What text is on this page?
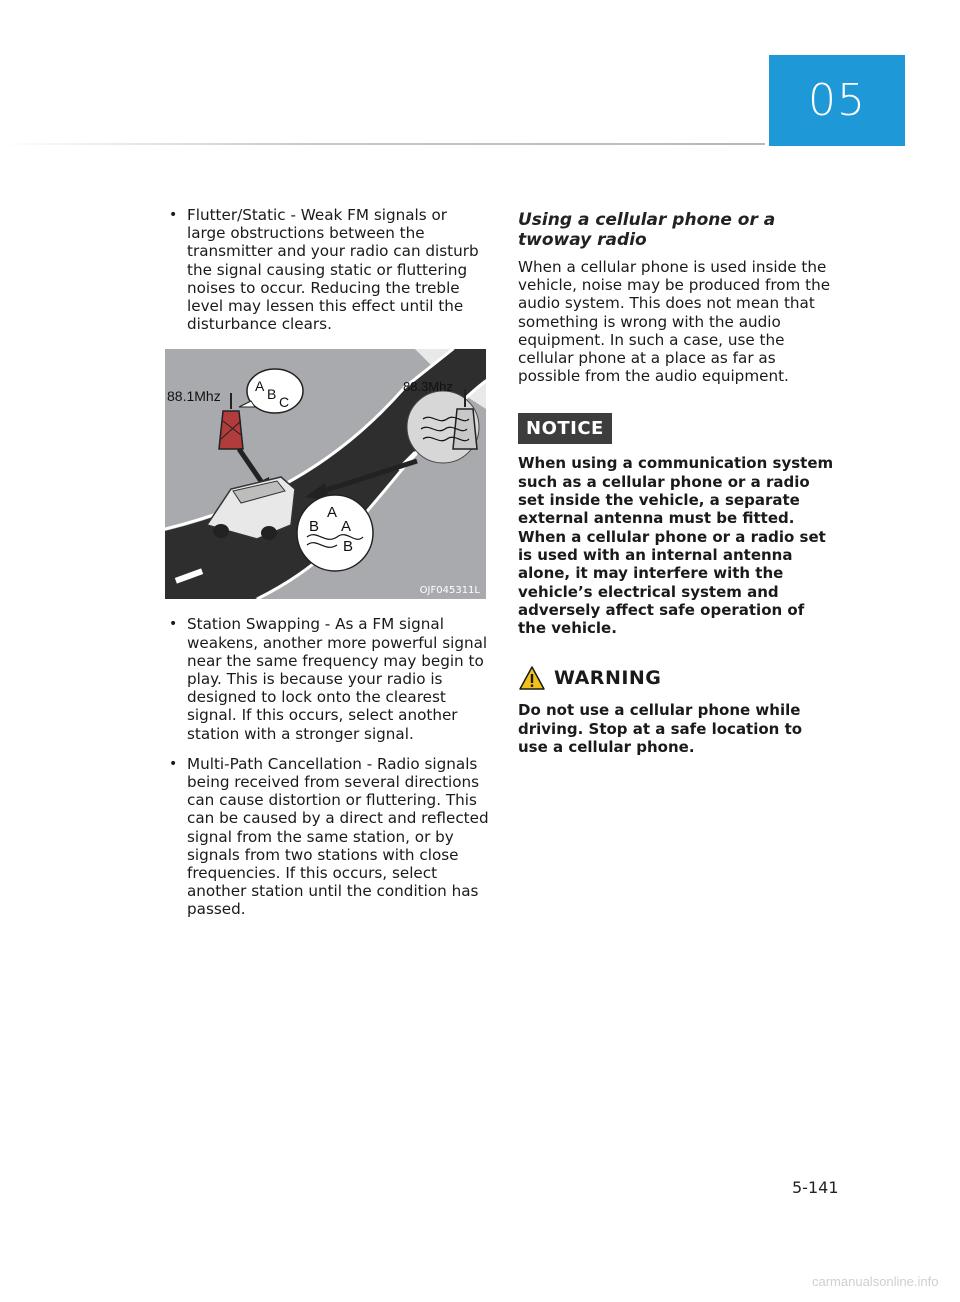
05
• Flutter/Static - Weak FM signals or large obstructions between the transmitter and your radio can disturb the signal causing static or fluttering noises to occur. Reducing the treble level may lessen this effect until the disturbance clears.
88.1Mhz
A B C
88.3Mhz
A
B A
B
OJF045311L
• Station Swapping - As a FM signal weakens, another more powerful signal near the same frequency may begin to play. This is because your radio is designed to lock onto the clearest signal. If this occurs, select another station with a stronger signal.
• Multi-Path Cancellation - Radio signals being received from several directions can cause distortion or fluttering. This can be caused by a direct and reflected signal from the same station, or by signals from two stations with close frequencies. If this occurs, select another station until the condition has passed.
Using a cellular phone or a twoway radio

When a cellular phone is used inside the vehicle, noise may be produced from the audio system. This does not mean that something is wrong with the audio equipment. In such a case, use the cellular phone at a place as far as possible from the audio equipment.

NOTICE

When using a communication system such as a cellular phone or a radio set inside the vehicle, a separate external antenna must be fitted. When a cellular phone or a radio set is used with an internal antenna alone, it may interfere with the vehicle’s electrical system and adversely affect safe operation of the vehicle.

WARNING

Do not use a cellular phone while driving. Stop at a safe location to use a cellular phone.

5-141
carmanualsonline.info
